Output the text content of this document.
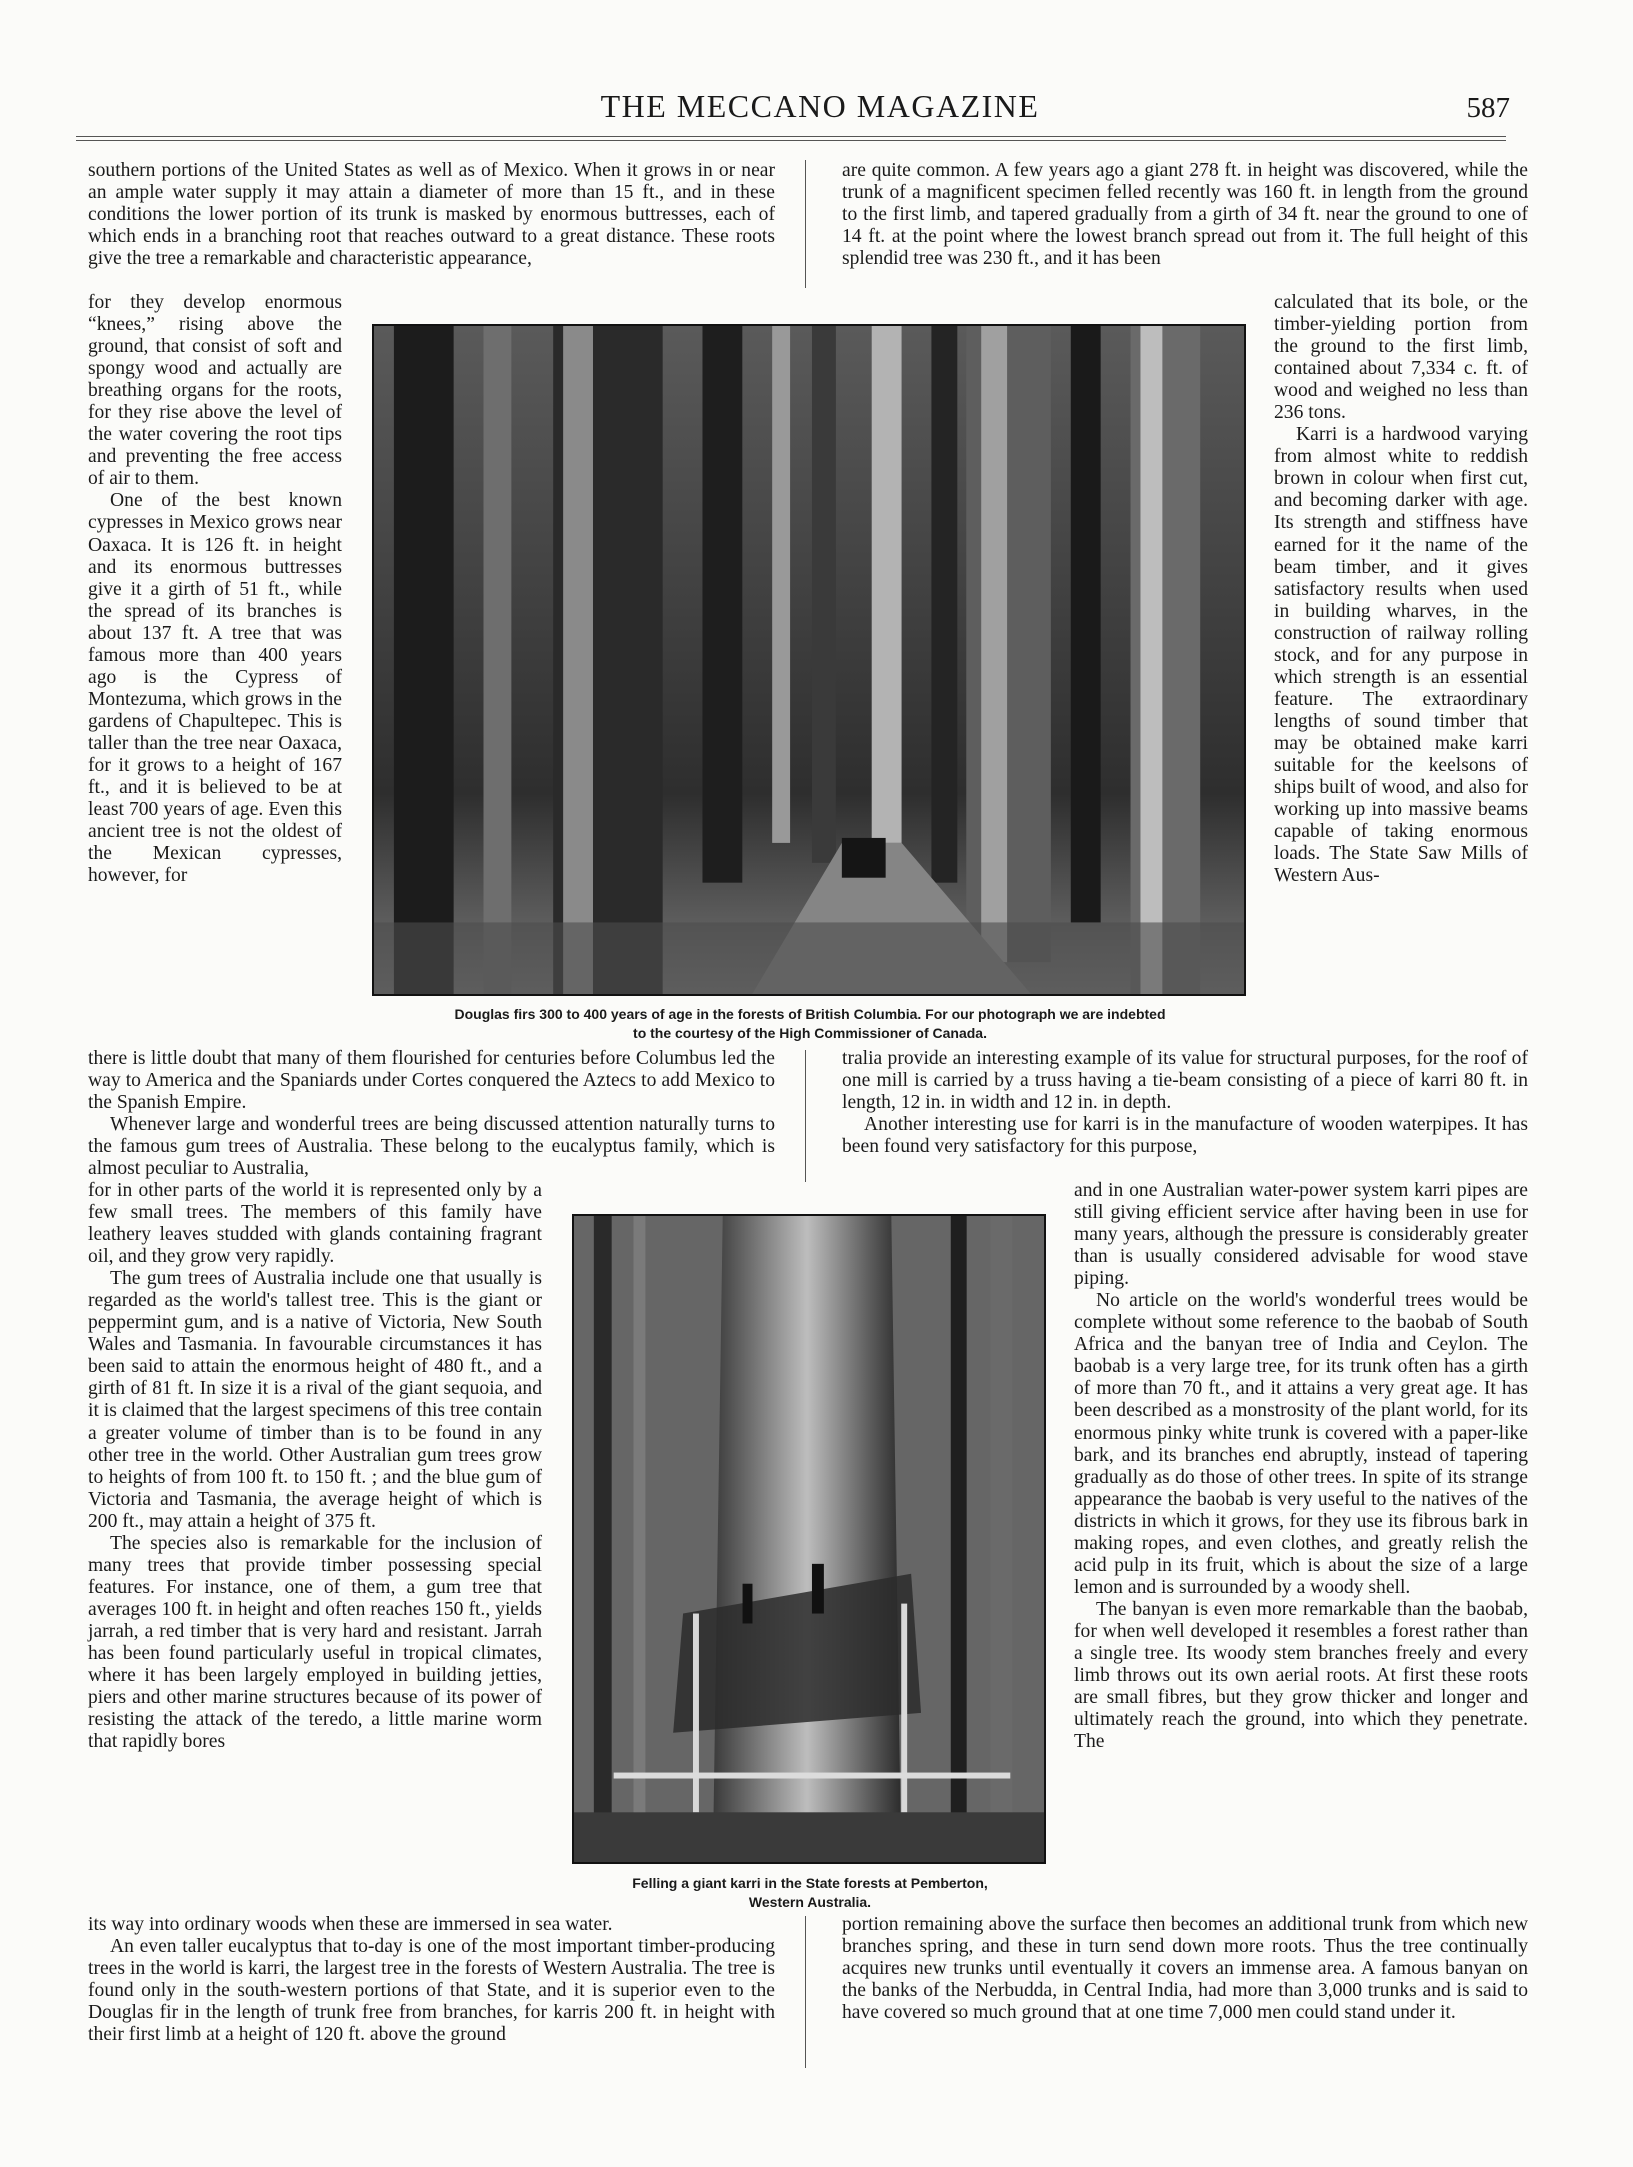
THE MECCANO MAGAZINE	587

southern portions of the United States as well as of Mexico. When it grows in or near an ample water supply it may attain a diameter of more than 15 ft., and in these conditions the lower portion of its trunk is masked by enormous buttresses, each of which ends in a branching root that reaches outward to a great distance. These roots give the tree a remarkable and characteristic appearance,

are quite common. A few years ago a giant 278 ft. in height was discovered, while the trunk of a magnificent specimen felled recently was 160 ft. in length from the ground to the first limb, and tapered gradually from a girth of 34 ft. near the ground to one of 14 ft. at the point where the lowest branch spread out from it. The full height of this splendid tree was 230 ft., and it has been

for they develop enormous “knees,” rising above the ground, that consist of soft and spongy wood and actually are breathing organs for the roots, for they rise above the level of the water covering the root tips and preventing the free access of air to them.

One of the best known cypresses in Mexico grows near Oaxaca. It is 126 ft. in height and its enormous buttresses give it a girth of 51 ft., while the spread of its branches is about 137 ft. A tree that was famous more than 400 years ago is the Cypress of Montezuma, which grows in the gardens of Chapultepec. This is taller than the tree near Oaxaca, for it grows to a height of 167 ft., and it is believed to be at least 700 years of age. Even this ancient tree is not the oldest of the Mexican cypresses, however, for

calculated that its bole, or the timber-yielding portion from the ground to the first limb, contained about 7,334 c. ft. of wood and weighed no less than 236 tons.

Karri is a hardwood varying from almost white to reddish brown in colour when first cut, and becoming darker with age. Its strength and stiffness have earned for it the name of the beam timber, and it gives satisfactory results when used in building wharves, in the construction of railway rolling stock, and for any purpose in which strength is an essential feature. The extraordinary lengths of sound timber that may be obtained make karri suitable for the keelsons of ships built of wood, and also for working up into massive beams capable of taking enormous loads. The State Saw Mills of Western Aus-

Douglas firs 300 to 400 years of age in the forests of British Columbia. For our photograph we are indebted
to the courtesy of the High Commissioner of Canada.

there is little doubt that many of them flourished for centuries before Columbus led the way to America and the Spaniards under Cortes conquered the Aztecs to add Mexico to the Spanish Empire.

Whenever large and wonderful trees are being discussed attention naturally turns to the famous gum trees of Australia. These belong to the eucalyptus family, which is almost peculiar to Australia,

tralia provide an interesting example of its value for structural purposes, for the roof of one mill is carried by a truss having a tie-beam consisting of a piece of karri 80 ft. in length, 12 in. in width and 12 in. in depth.

Another interesting use for karri is in the manufacture of wooden waterpipes. It has been found very satisfactory for this purpose,

for in other parts of the world it is represented only by a few small trees. The members of this family have leathery leaves studded with glands containing fragrant oil, and they grow very rapidly.

The gum trees of Australia include one that usually is regarded as the world's tallest tree. This is the giant or peppermint gum, and is a native of Victoria, New South Wales and Tasmania. In favourable circumstances it has been said to attain the enormous height of 480 ft., and a girth of 81 ft. In size it is a rival of the giant sequoia, and it is claimed that the largest specimens of this tree contain a greater volume of timber than is to be found in any other tree in the world. Other Australian gum trees grow to heights of from 100 ft. to 150 ft. ; and the blue gum of Victoria and Tasmania, the average height of which is 200 ft., may attain a height of 375 ft.

The species also is remarkable for the inclusion of many trees that provide timber possessing special features. For instance, one of them, a gum tree that averages 100 ft. in height and often reaches 150 ft., yields jarrah, a red timber that is very hard and resistant. Jarrah has been found particularly useful in tropical climates, where it has been largely employed in building jetties, piers and other marine structures because of its power of resisting the attack of the teredo, a little marine worm that rapidly bores

and in one Australian water-power system karri pipes are still giving efficient service after having been in use for many years, although the pressure is considerably greater than is usually considered advisable for wood stave piping.

No article on the world's wonderful trees would be complete without some reference to the baobab of South Africa and the banyan tree of India and Ceylon. The baobab is a very large tree, for its trunk often has a girth of more than 70 ft., and it attains a very great age. It has been described as a monstrosity of the plant world, for its enormous pinky white trunk is covered with a paper-like bark, and its branches end abruptly, instead of tapering gradually as do those of other trees. In spite of its strange appearance the baobab is very useful to the natives of the districts in which it grows, for they use its fibrous bark in making ropes, and even clothes, and greatly relish the acid pulp in its fruit, which is about the size of a large lemon and is surrounded by a woody shell.

The banyan is even more remarkable than the baobab, for when well developed it resembles a forest rather than a single tree. Its woody stem branches freely and every limb throws out its own aerial roots. At first these roots are small fibres, but they grow thicker and longer and ultimately reach the ground, into which they penetrate. The

Felling a giant karri in the State forests at Pemberton,
Western Australia.

its way into ordinary woods when these are immersed in sea water.

An even taller eucalyptus that to-day is one of the most important timber-producing trees in the world is karri, the largest tree in the forests of Western Australia. The tree is found only in the south-western portions of that State, and it is superior even to the Douglas fir in the length of trunk free from branches, for karris 200 ft. in height with their first limb at a height of 120 ft. above the ground

portion remaining above the surface then becomes an additional trunk from which new branches spring, and these in turn send down more roots. Thus the tree continually acquires new trunks until eventually it covers an immense area. A famous banyan on the banks of the Nerbudda, in Central India, had more than 3,000 trunks and is said to have covered so much ground that at one time 7,000 men could stand under it.
